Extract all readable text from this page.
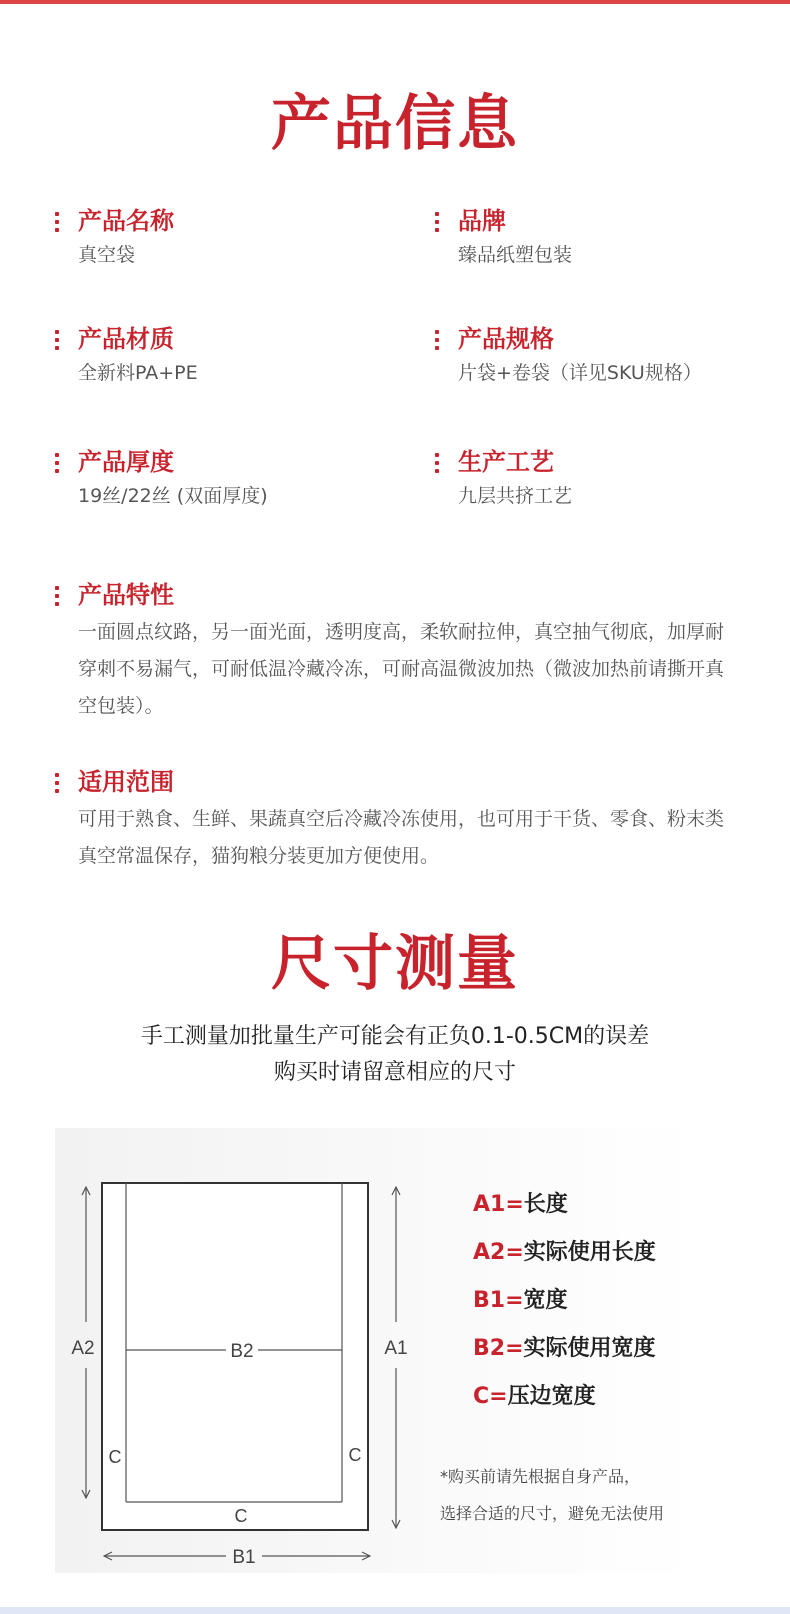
产品信息
产品名称
真空袋
品牌
臻品纸塑包装
产品材质
全新料PA+PE
产品规格
片袋+卷袋（详见SKU规格）
产品厚度
19丝/22丝 (双面厚度)
生产工艺
九层共挤工艺
产品特性
一面圆点纹路，另一面光面，透明度高，柔软耐拉伸，真空抽气彻底，加厚耐穿刺不易漏气，可耐低温冷藏冷冻，可耐高温微波加热（微波加热前请撕开真空包装）。
适用范围
可用于熟食、生鲜、果蔬真空后冷藏冷冻使用，也可用于干货、零食、粉末类真空常温保存，猫狗粮分装更加方便使用。
尺寸测量
手工测量加批量生产可能会有正负0.1-0.5CM的误差
购买时请留意相应的尺寸
B2
A2	A1
B1
C	C
C
A1=长度
A2=实际使用长度
B1=宽度
B2=实际使用宽度
C=压边宽度
*购买前请先根据自身产品，
选择合适的尺寸，避免无法使用
